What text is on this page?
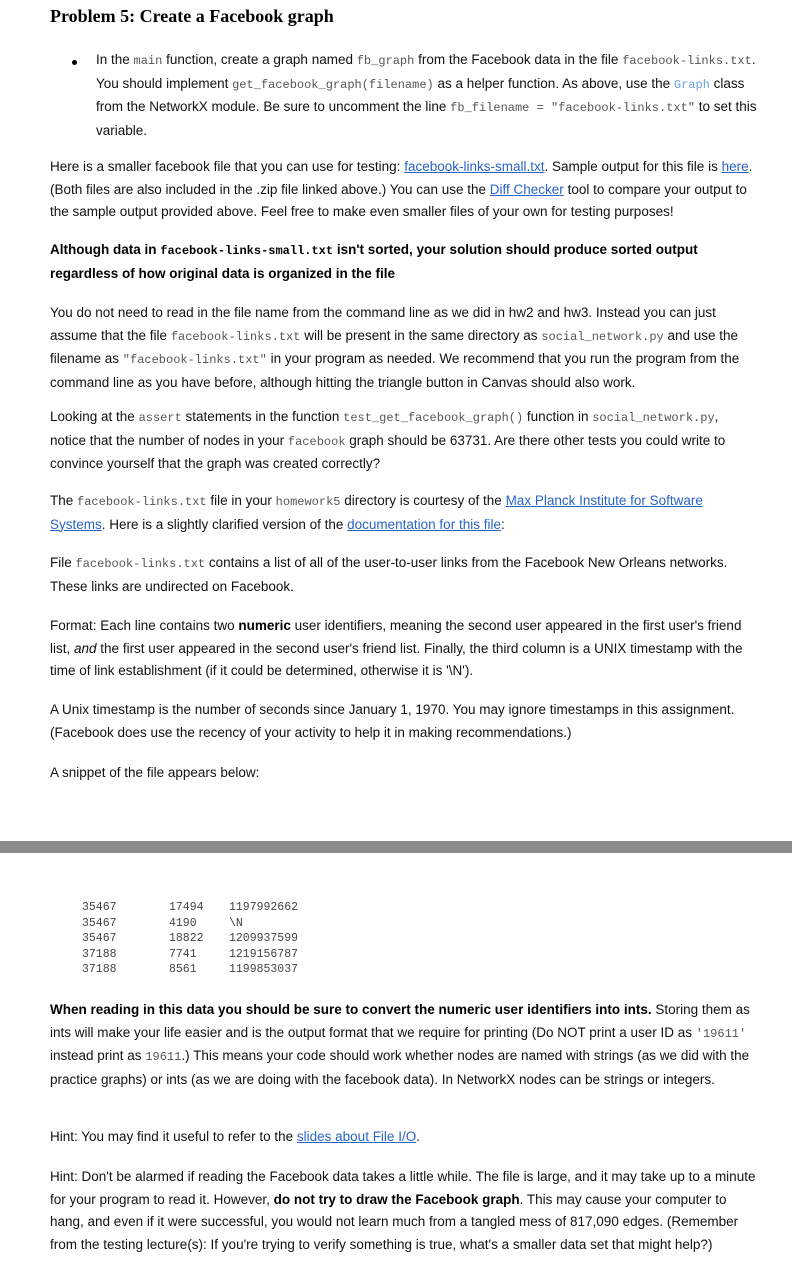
Problem 5: Create a Facebook graph
In the main function, create a graph named fb_graph from the Facebook data in the file facebook-links.txt. You should implement get_facebook_graph(filename) as a helper function. As above, use the Graph class from the NetworkX module. Be sure to uncomment the line fb_filename = "facebook-links.txt" to set this variable.
Here is a smaller facebook file that you can use for testing: facebook-links-small.txt. Sample output for this file is here. (Both files are also included in the .zip file linked above.) You can use the Diff Checker tool to compare your output to the sample output provided above. Feel free to make even smaller files of your own for testing purposes!
Although data in facebook-links-small.txt isn't sorted, your solution should produce sorted output regardless of how original data is organized in the file
You do not need to read in the file name from the command line as we did in hw2 and hw3. Instead you can just assume that the file facebook-links.txt will be present in the same directory as social_network.py and use the filename as "facebook-links.txt" in your program as needed. We recommend that you run the program from the command line as you have before, although hitting the triangle button in Canvas should also work.
Looking at the assert statements in the function test_get_facebook_graph() function in social_network.py, notice that the number of nodes in your facebook graph should be 63731. Are there other tests you could write to convince yourself that the graph was created correctly?
The facebook-links.txt file in your homework5 directory is courtesy of the Max Planck Institute for Software Systems. Here is a slightly clarified version of the documentation for this file:
File facebook-links.txt contains a list of all of the user-to-user links from the Facebook New Orleans networks. These links are undirected on Facebook.
Format: Each line contains two numeric user identifiers, meaning the second user appeared in the first user's friend list, and the first user appeared in the second user's friend list. Finally, the third column is a UNIX timestamp with the time of link establishment (if it could be determined, otherwise it is '\N').
A Unix timestamp is the number of seconds since January 1, 1970. You may ignore timestamps in this assignment. (Facebook does use the recency of your activity to help it in making recommendations.)
A snippet of the file appears below:
35467	17494	1197992662
35467	4190	\N
35467	18822	1209937599
37188	7741	1219156787
37188	8561	1199853037
When reading in this data you should be sure to convert the numeric user identifiers into ints. Storing them as ints will make your life easier and is the output format that we require for printing (Do NOT print a user ID as '19611' instead print as 19611.) This means your code should work whether nodes are named with strings (as we did with the practice graphs) or ints (as we are doing with the facebook data). In NetworkX nodes can be strings or integers.
Hint: You may find it useful to refer to the slides about File I/O.
Hint: Don't be alarmed if reading the Facebook data takes a little while. The file is large, and it may take up to a minute for your program to read it. However, do not try to draw the Facebook graph. This may cause your computer to hang, and even if it were successful, you would not learn much from a tangled mess of 817,090 edges. (Remember from the testing lecture(s): If you're trying to verify something is true, what's a smaller data set that might help?)
